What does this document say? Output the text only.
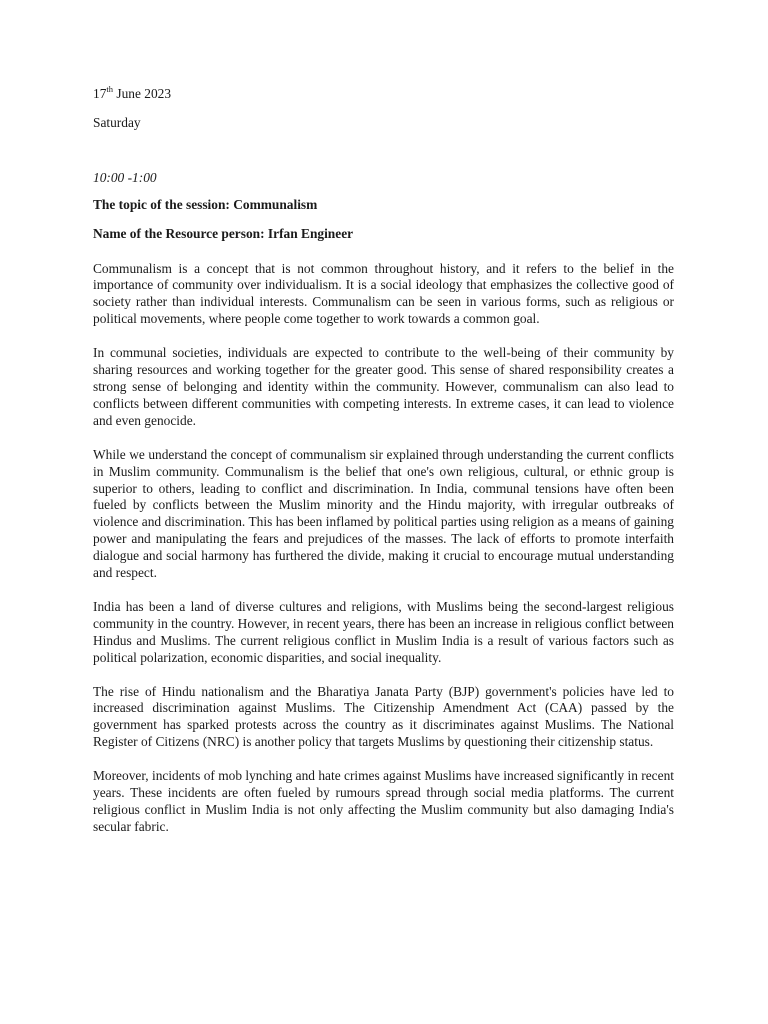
17th June 2023

Saturday

10:00 -1:00

The topic of the session: Communalism

Name of the Resource person: Irfan Engineer

Communalism is a concept that is not common throughout history, and it refers to the belief in the importance of community over individualism. It is a social ideology that emphasizes the collective good of society rather than individual interests. Communalism can be seen in various forms, such as religious or political movements, where people come together to work towards a common goal.

In communal societies, individuals are expected to contribute to the well-being of their community by sharing resources and working together for the greater good. This sense of shared responsibility creates a strong sense of belonging and identity within the community. However, communalism can also lead to conflicts between different communities with competing interests. In extreme cases, it can lead to violence and even genocide.

While we understand the concept of communalism sir explained through understanding the current conflicts in Muslim community. Communalism is the belief that one's own religious, cultural, or ethnic group is superior to others, leading to conflict and discrimination. In India, communal tensions have often been fueled by conflicts between the Muslim minority and the Hindu majority, with irregular outbreaks of violence and discrimination. This has been inflamed by political parties using religion as a means of gaining power and manipulating the fears and prejudices of the masses. The lack of efforts to promote interfaith dialogue and social harmony has furthered the divide, making it crucial to encourage mutual understanding and respect.

India has been a land of diverse cultures and religions, with Muslims being the second-largest religious community in the country. However, in recent years, there has been an increase in religious conflict between Hindus and Muslims. The current religious conflict in Muslim India is a result of various factors such as political polarization, economic disparities, and social inequality.

The rise of Hindu nationalism and the Bharatiya Janata Party (BJP) government's policies have led to increased discrimination against Muslims. The Citizenship Amendment Act (CAA) passed by the government has sparked protests across the country as it discriminates against Muslims. The National Register of Citizens (NRC) is another policy that targets Muslims by questioning their citizenship status.

Moreover, incidents of mob lynching and hate crimes against Muslims have increased significantly in recent years. These incidents are often fueled by rumours spread through social media platforms. The current religious conflict in Muslim India is not only affecting the Muslim community but also damaging India's secular fabric.
